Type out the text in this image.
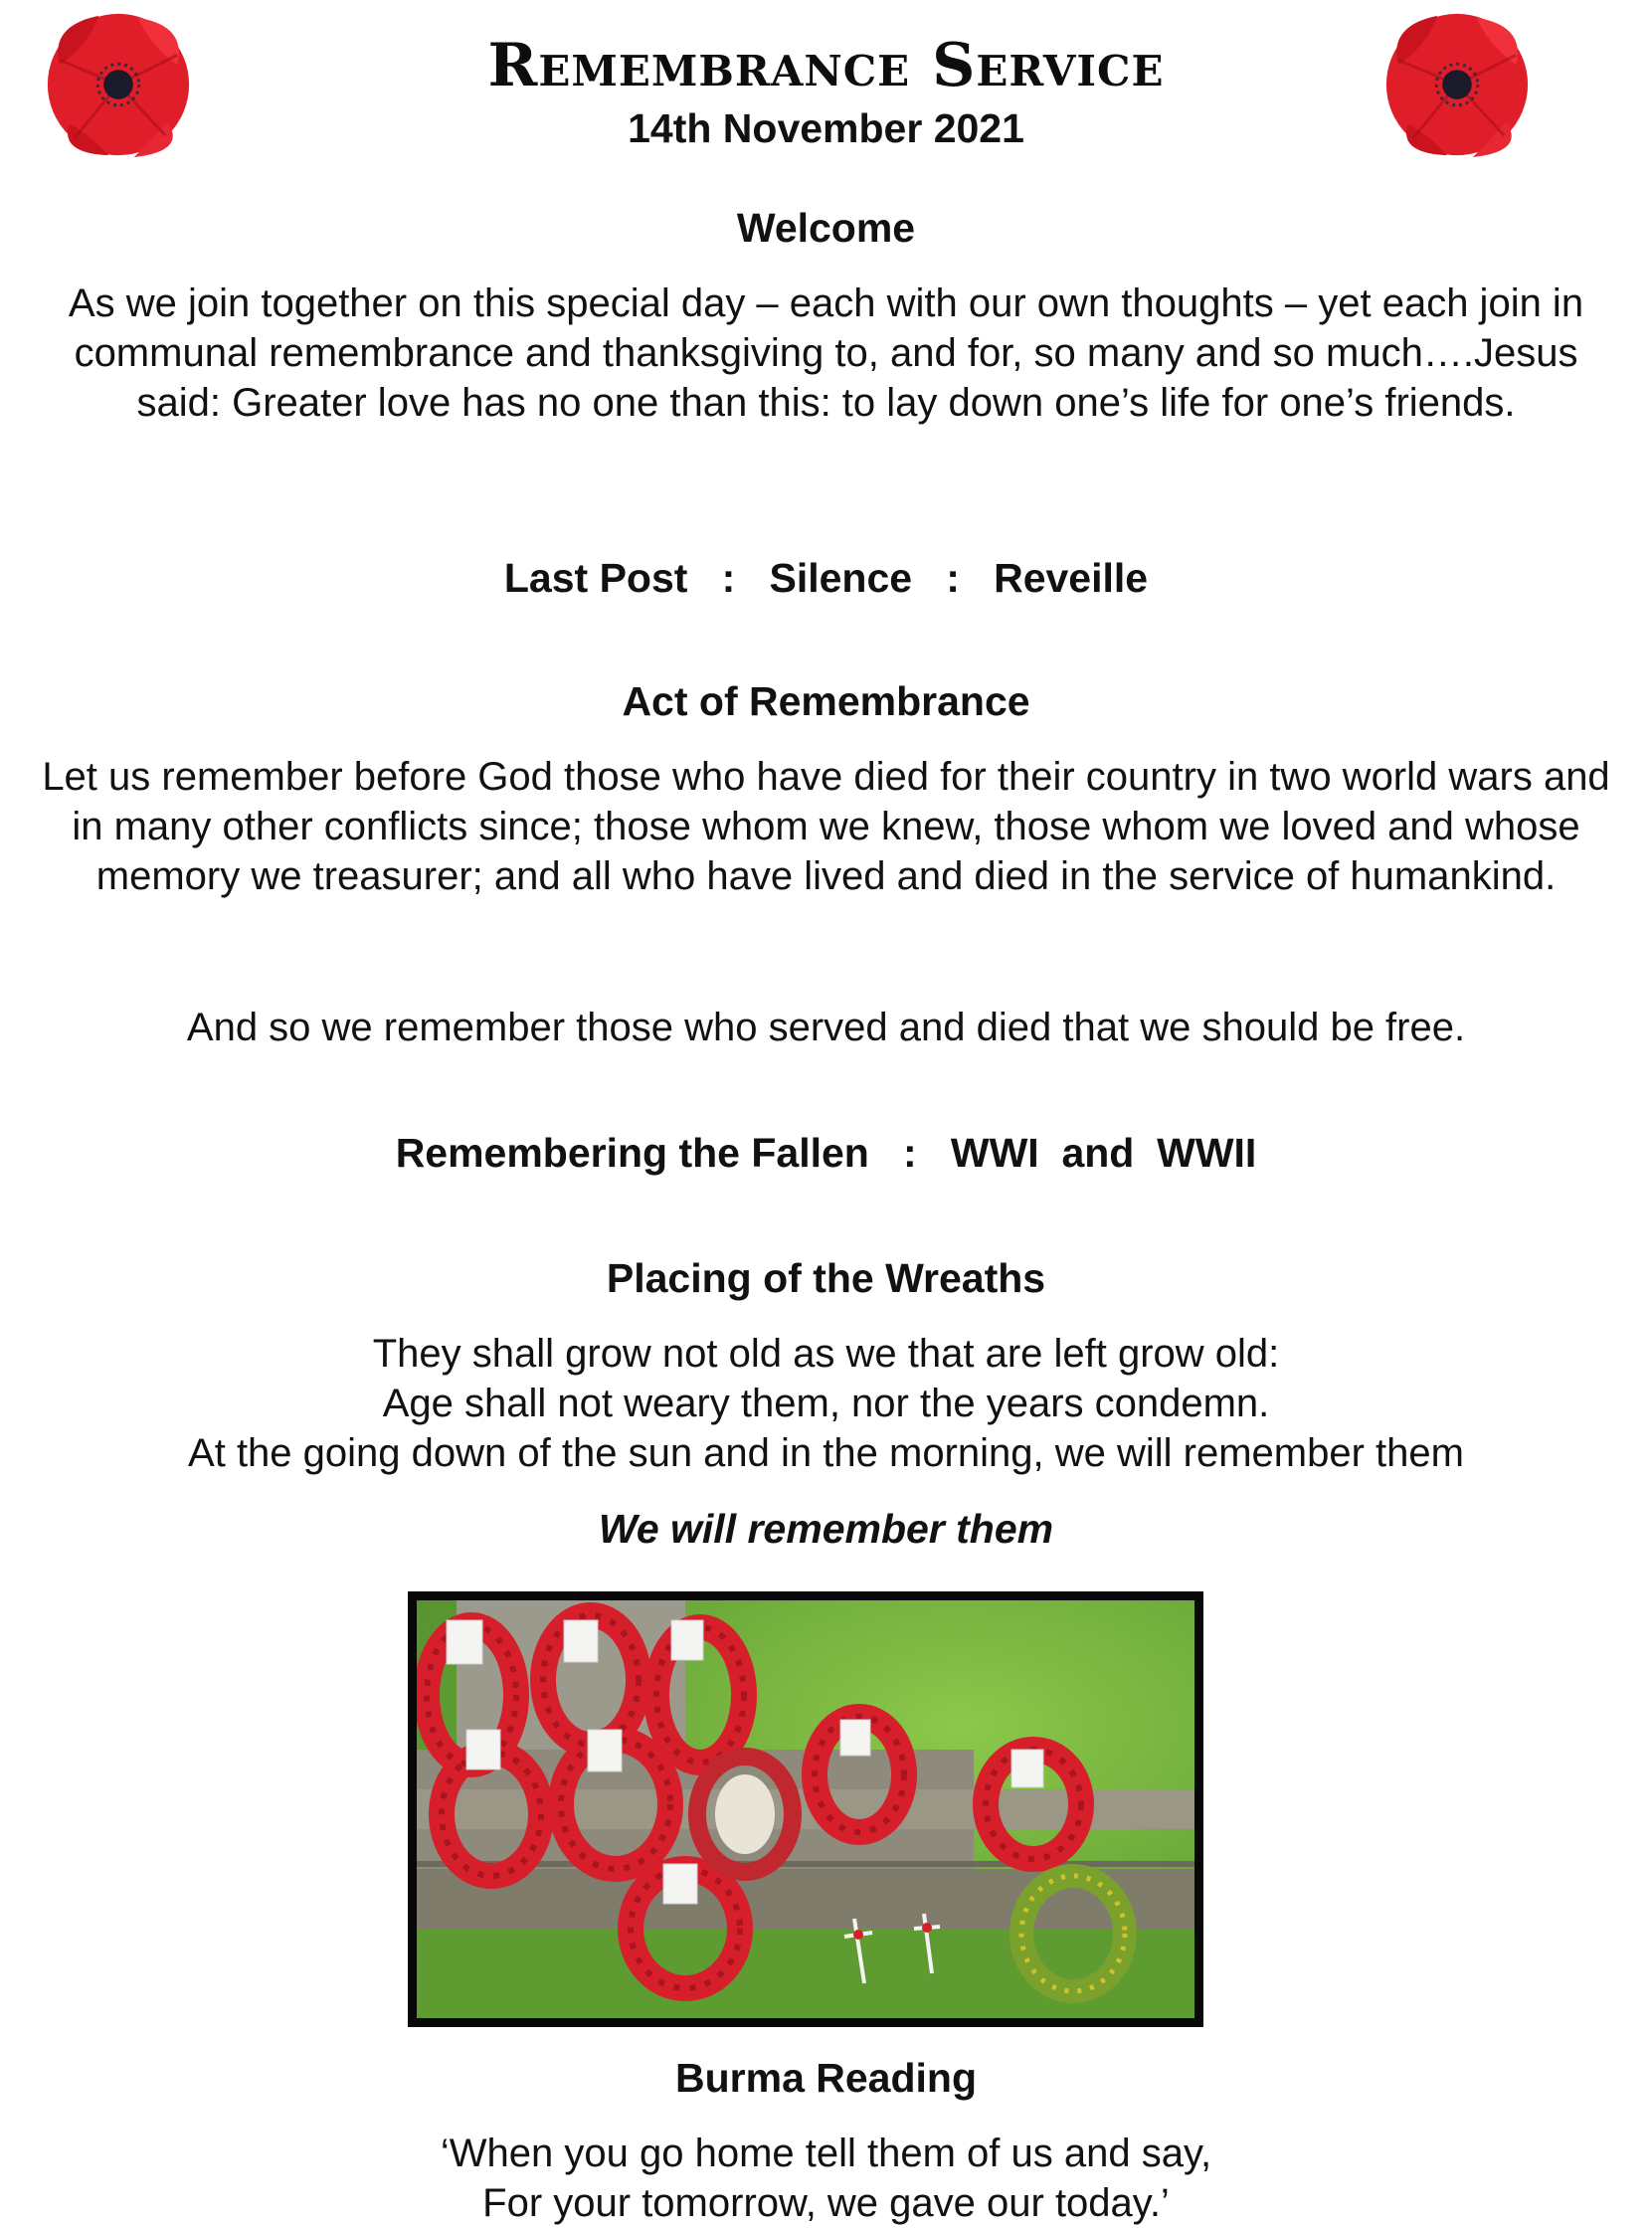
Remembrance Service
14th November 2021
Welcome
As we join together on this special day – each with our own thoughts – yet each join in communal remembrance and thanksgiving to, and for, so many and so much….Jesus said: Greater love has no one than this: to lay down one’s life for one’s friends.
Last Post : Silence : Reveille
Act of Remembrance
Let us remember before God those who have died for their country in two world wars and in many other conflicts since; those whom we knew, those whom we loved and whose memory we treasurer; and all who have lived and died in the service of humankind.
And so we remember those who served and died that we should be free.
Remembering the Fallen : WWI  and  WWII
Placing of the Wreaths
They shall grow not old as we that are left grow old:
Age shall not weary them, nor the years condemn.
At the going down of the sun and in the morning, we will remember them
We will remember them
Burma Reading
‘When you go home tell them of us and say,
For your tomorrow, we gave our today.’
